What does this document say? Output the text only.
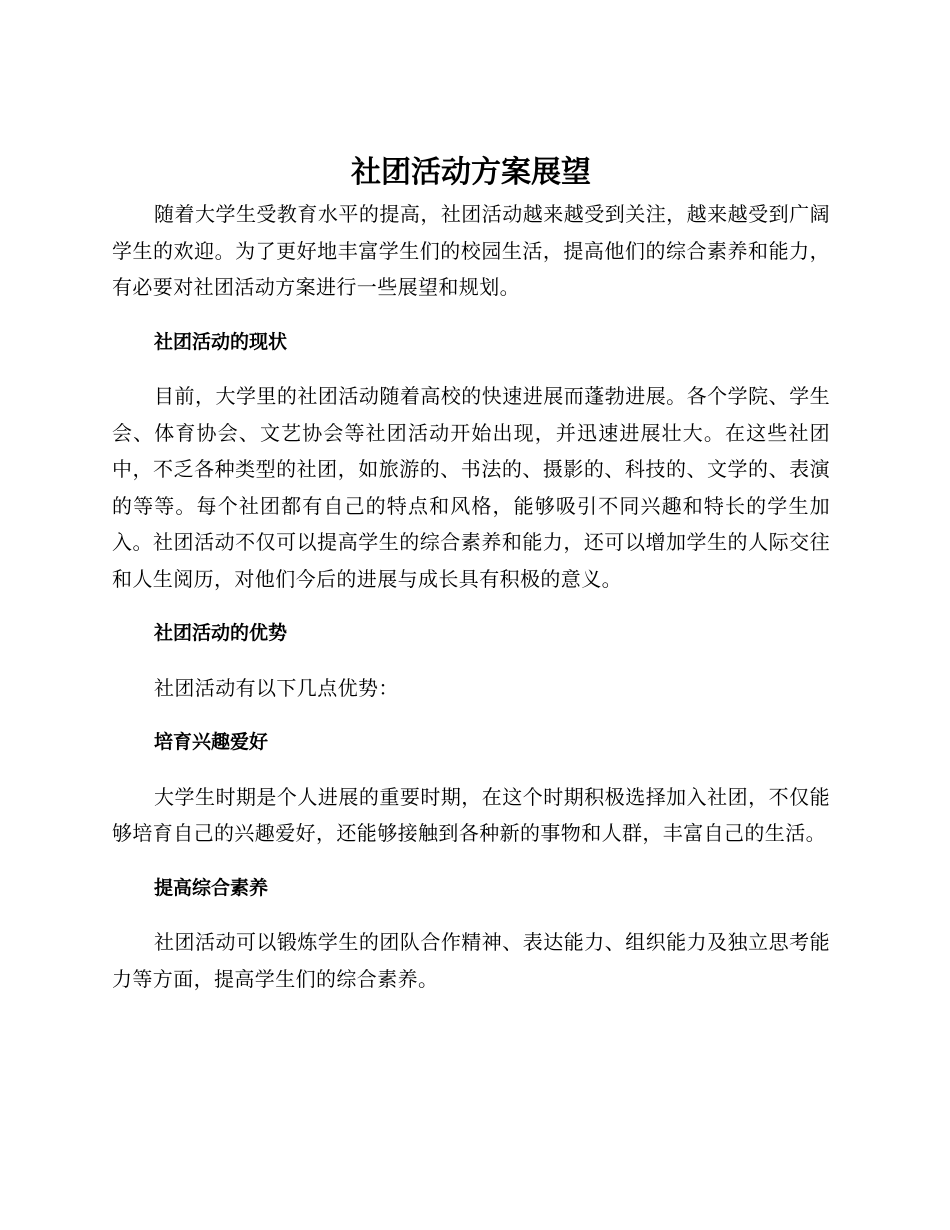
社团活动方案展望

随着大学生受教育水平的提高，社团活动越来越受到关注，越来越受到广阔学生的欢迎。为了更好地丰富学生们的校园生活，提高他们的综合素养和能力，有必要对社团活动方案进行一些展望和规划。

社团活动的现状

目前，大学里的社团活动随着高校的快速进展而蓬勃进展。各个学院、学生会、体育协会、文艺协会等社团活动开始出现，并迅速进展壮大。在这些社团中，不乏各种类型的社团，如旅游的、书法的、摄影的、科技的、文学的、表演的等等。每个社团都有自己的特点和风格，能够吸引不同兴趣和特长的学生加入。社团活动不仅可以提高学生的综合素养和能力，还可以增加学生的人际交往和人生阅历，对他们今后的进展与成长具有积极的意义。

社团活动的优势

社团活动有以下几点优势：

培育兴趣爱好

大学生时期是个人进展的重要时期，在这个时期积极选择加入社团，不仅能够培育自己的兴趣爱好，还能够接触到各种新的事物和人群，丰富自己的生活。

提高综合素养

社团活动可以锻炼学生的团队合作精神、表达能力、组织能力及独立思考能力等方面，提高学生们的综合素养。
